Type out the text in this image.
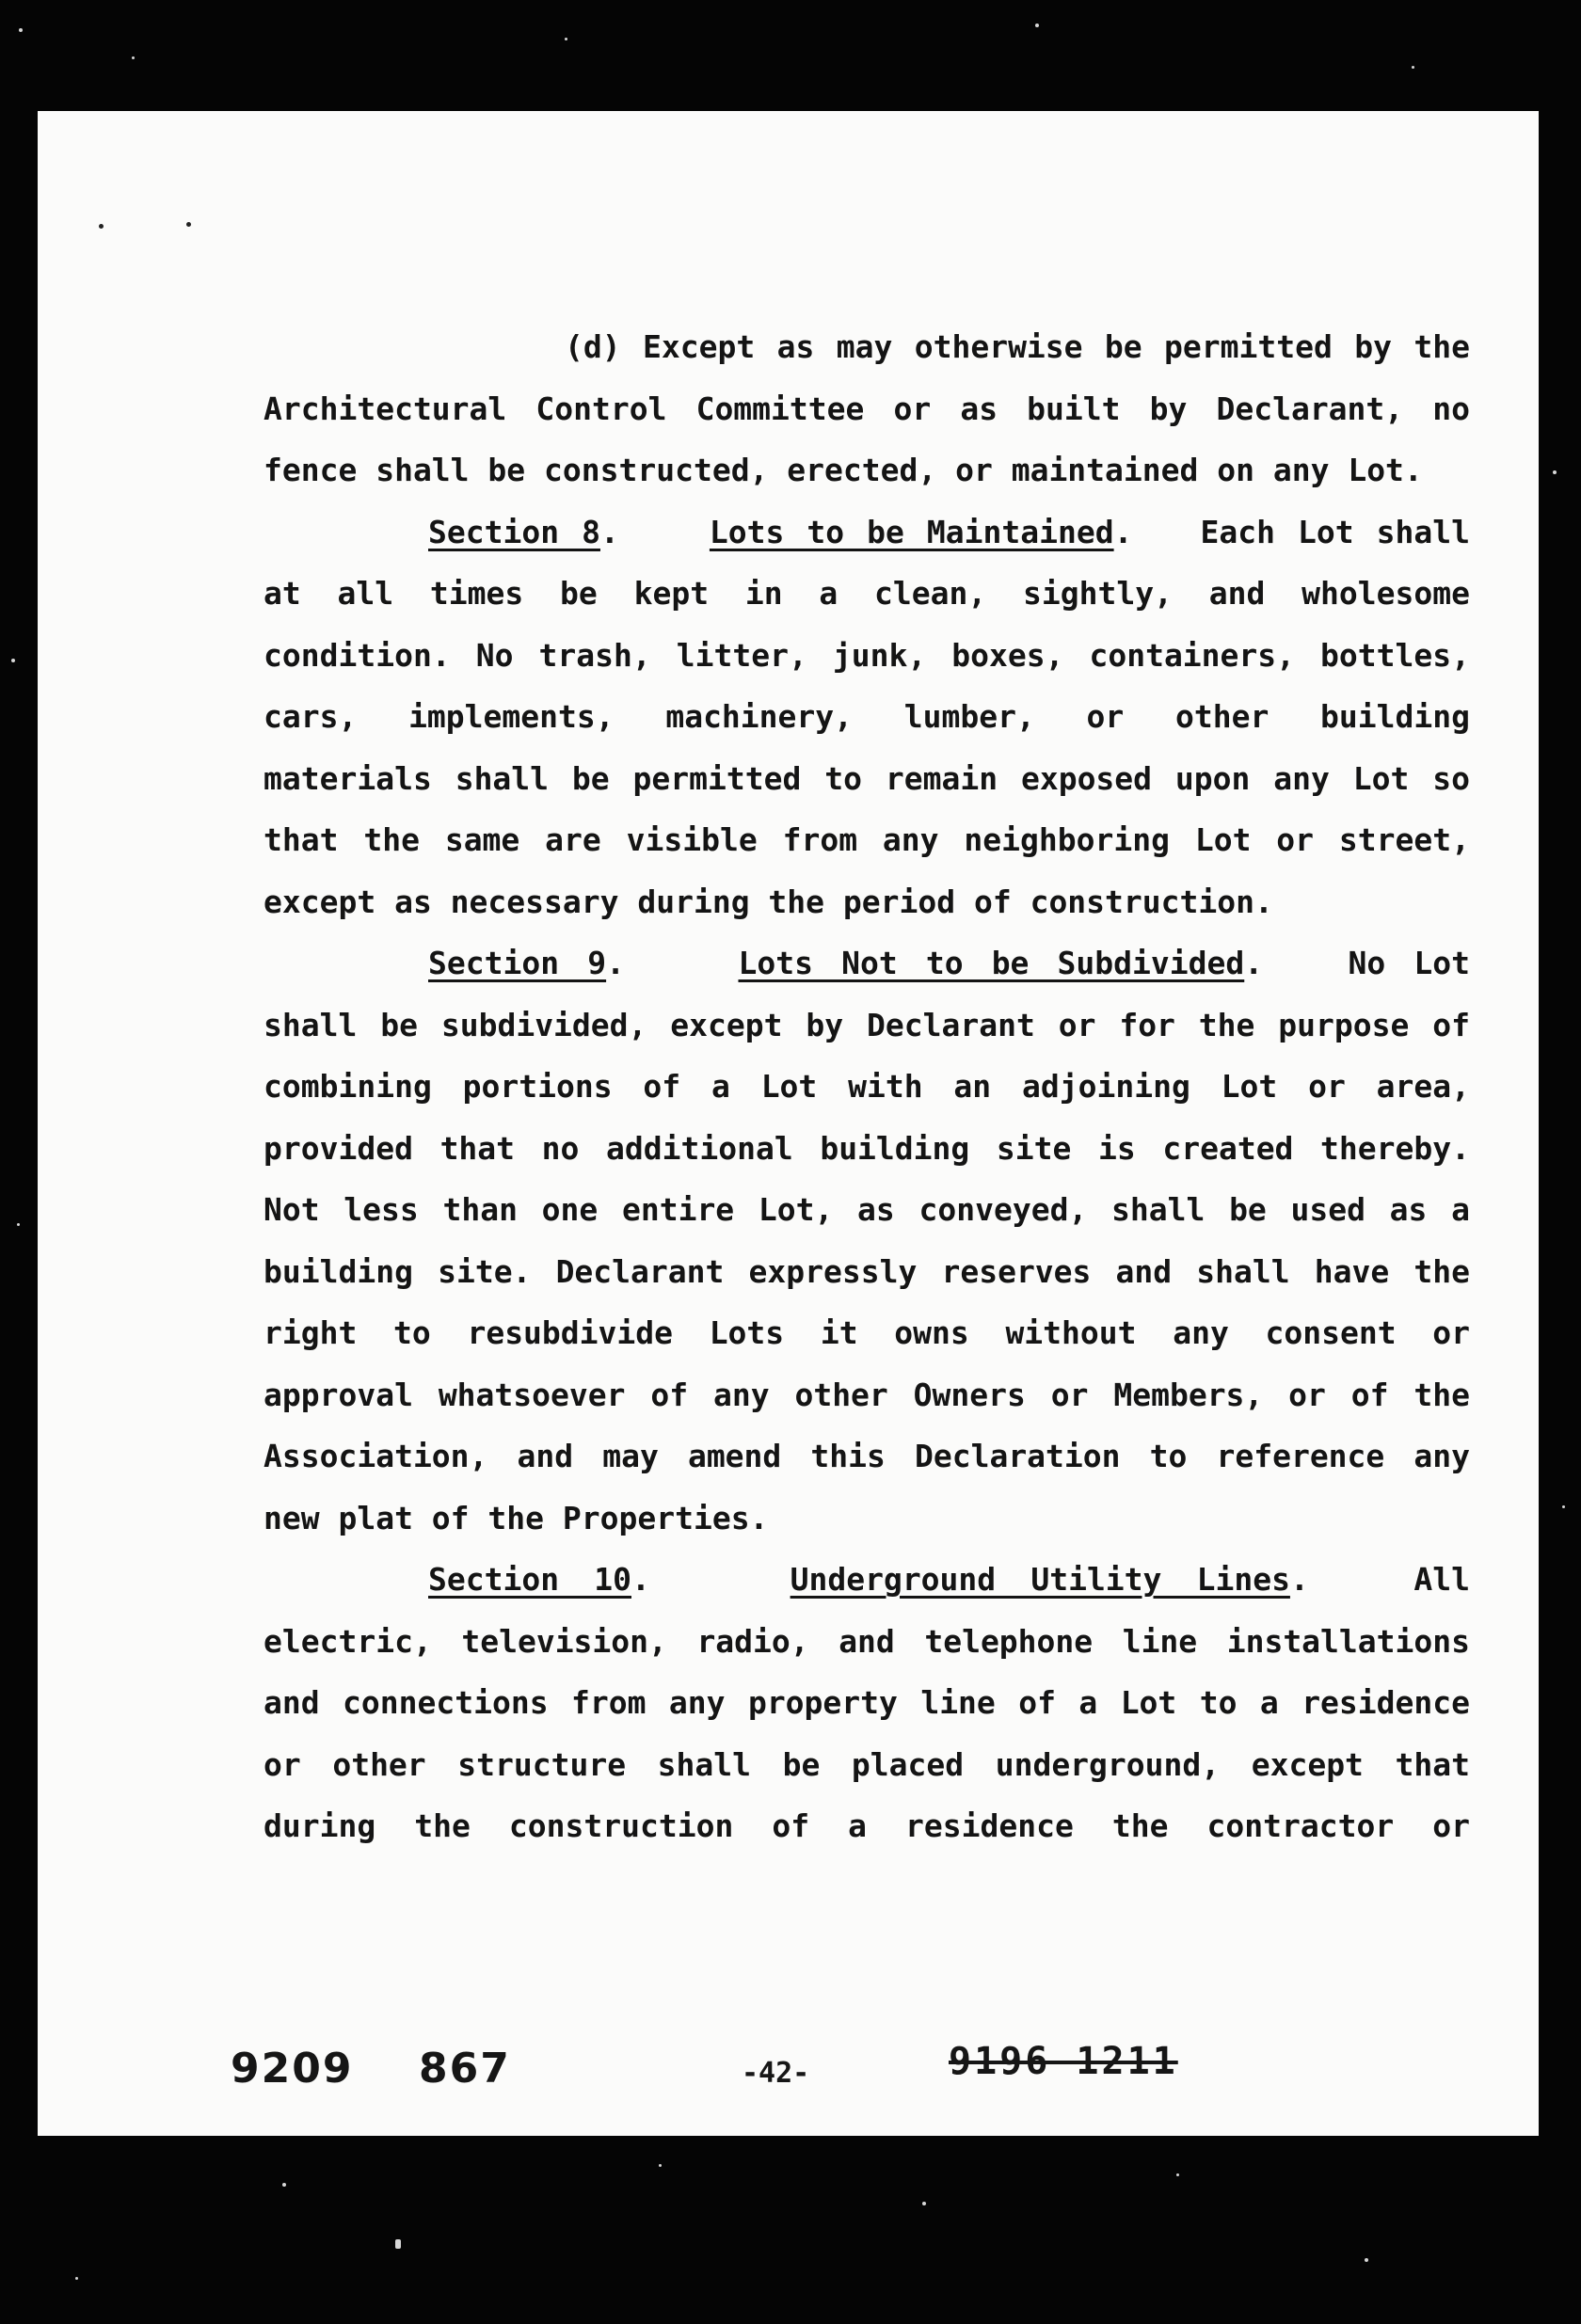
(d) Except as may otherwise be permitted by the
Architectural Control Committee or as built by Declarant, no
fence shall be constructed, erected, or maintained on any Lot.
Section 8.    Lots to be Maintained.   Each Lot shall
at all times be kept in a clean, sightly, and wholesome
condition. No trash, litter, junk, boxes, containers, bottles,
cars, implements, machinery, lumber, or other building
materials shall be permitted to remain exposed upon any Lot so
that the same are visible from any neighboring Lot or street,
except as necessary during the period of construction.
Section 9.    Lots Not to be Subdivided.   No Lot
shall be subdivided, except by Declarant or for the purpose of
combining portions of a Lot with an adjoining Lot or area,
provided that no additional building site is created thereby.
Not less than one entire Lot, as conveyed, shall be used as a
building site. Declarant expressly reserves and shall have the
right to resubdivide Lots it owns without any consent or
approval whatsoever of any other Owners or Members, or of the
Association, and may amend this Declaration to reference any
new plat of the Properties.
Section 10.    Underground Utility Lines.   All
electric, television, radio, and telephone line installations
and connections from any property line of a Lot to a residence
or other structure shall be placed underground, except that
during the construction of a residence the contractor or
9209 867	-42-	9196 1211
